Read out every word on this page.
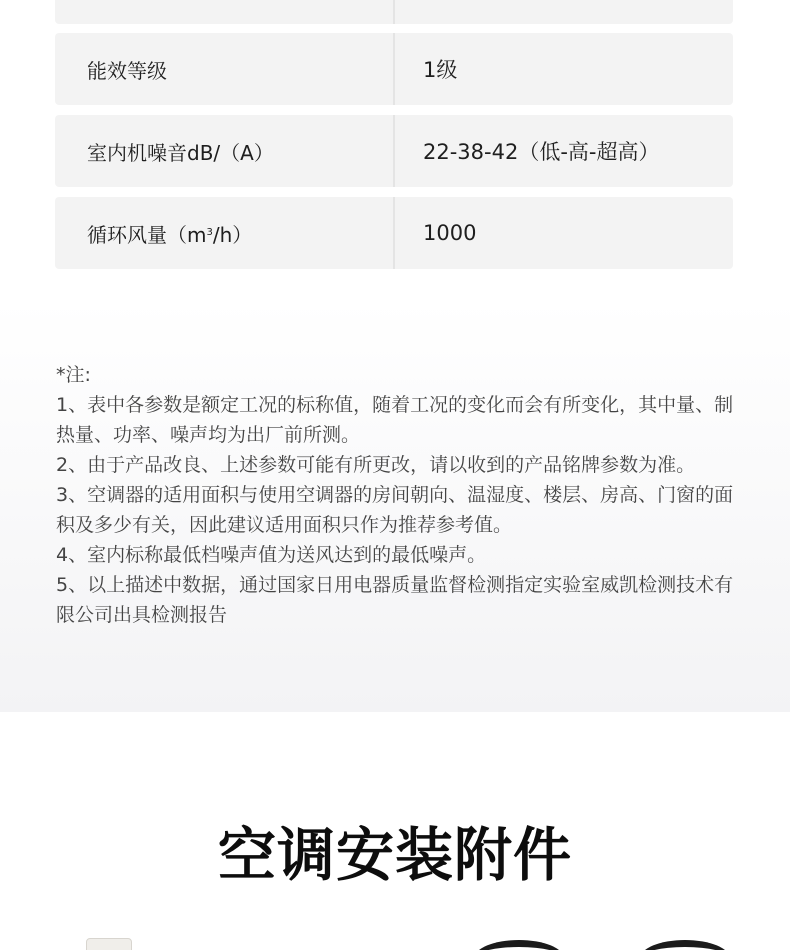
能效等级	1级
室内机噪音dB/（A）	22-38-42（低-高-超高）
循环风量（m 3 /h）	1000

*注:

1、表中各参数是额定工况的标称值，随着工况的变化而会有所变化，其中量、制热量、功率、噪声均为出厂前所测。

2、由于产品改良、上述参数可能有所更改，请以收到的产品铭牌参数为准。

3、空调器的适用面积与使用空调器的房间朝向、温湿度、楼层、房高、门窗的面积及多少有关，因此建议适用面积只作为推荐参考值。

4、室内标称最低档噪声值为送风达到的最低噪声。

5、以上描述中数据，通过国家日用电器质量监督检测指定实验室威凯检测技术有限公司出具检测报告

空调安装附件
